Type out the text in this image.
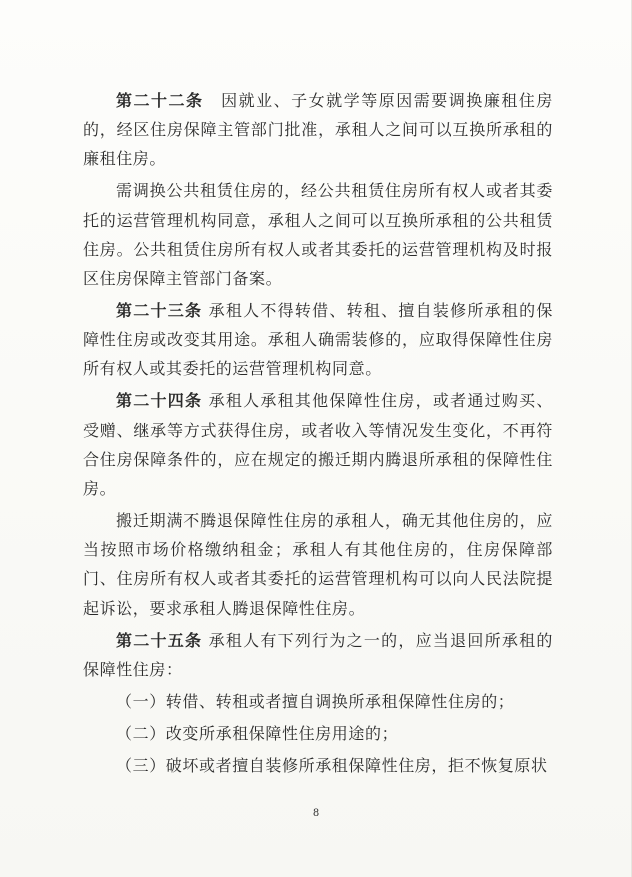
第二十二条　因就业、子女就学等原因需要调换廉租住房的，经区住房保障主管部门批准，承租人之间可以互换所承租的廉租住房。

需调换公共租赁住房的，经公共租赁住房所有权人或者其委托的运营管理机构同意，承租人之间可以互换所承租的公共租赁住房。公共租赁住房所有权人或者其委托的运营管理机构及时报区住房保障主管部门备案。

第二十三条 承租人不得转借、转租、擅自装修所承租的保障性住房或改变其用途。承租人确需装修的，应取得保障性住房所有权人或其委托的运营管理机构同意。

第二十四条 承租人承租其他保障性住房，或者通过购买、受赠、继承等方式获得住房，或者收入等情况发生变化，不再符合住房保障条件的，应在规定的搬迁期内腾退所承租的保障性住房。

搬迁期满不腾退保障性住房的承租人，确无其他住房的，应当按照市场价格缴纳租金；承租人有其他住房的，住房保障部门、住房所有权人或者其委托的运营管理机构可以向人民法院提起诉讼，要求承租人腾退保障性住房。

第二十五条 承租人有下列行为之一的，应当退回所承租的保障性住房：

（一）转借、转租或者擅自调换所承租保障性住房的；

（二）改变所承租保障性住房用途的；

（三）破坏或者擅自装修所承租保障性住房，拒不恢复原状

8
